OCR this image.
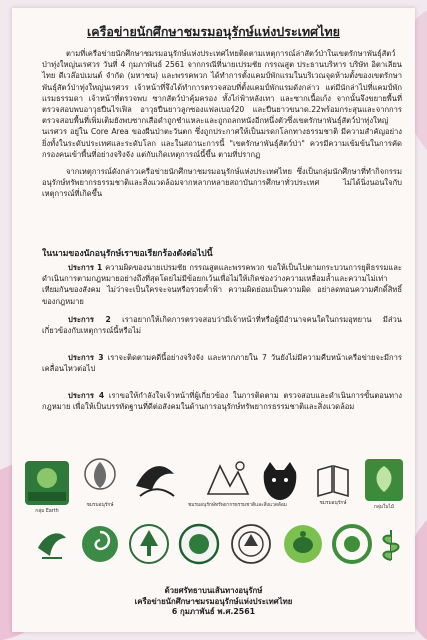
เครือข่ายนักศึกษาชมรมอนุรักษ์แห่งประเทศไทย

ตามที่เครือข่ายนักศึกษาชมรมอนุรักษ์แห่งประเทศไทยติดตามเหตุการณ์ล่าสัตว์ป่าในเขตรักษาพันธุ์สัตว์ป่าทุ่งใหญ่นเรศวร วันที่ 4 กุมภาพันธ์ 2561 จากกรณีที่นายเปรมชัย กรรณสูต ประธานบริหาร บริษัท อิตาเลียนไทย ดีเวล๊อปเมนต์ จำกัด (มหาชน) และพรรคพวก ได้ทำการตั้งแคมป์พักแรมในบริเวณจุดห้ามตั้งของเขตรักษาพันธุ์สัตว์ป่าทุ่งใหญ่นเรศวร เจ้าหน้าที่จึงได้ทำการตรวจสอบที่ตั้งแคมป์พักแรมดังกล่าว แต่มีนักล่าไปที่แคมป์พักแรมธรรมดา เจ้าหน้าที่ตรวจพบ ซากสัตว์ป่าคุ้มครอง ทั้งไก่ฟ้าหลังเทา และซากเนื้อเก้ง จากนั้นจึงขยายพื้นที่ตรวจสอบพบอาวุธปืนไรเฟิล อาวุธปืนยาวลูกซองแฟลเบอร์20 และปืนยาวขนาด.22พร้อมกระสุนและจากการตรวจสอบพื้นที่เพิ่มเติมยังพบซากเสือดำถูกชำแหละและถูกถลกหนังอีกหนึ่งตัวซึ่งเขตรักษาพันธุ์สัตว์ป่าทุ่งใหญ่นเรศวร อยู่ใน Core Area ของผืนป่าตะวันตก ซึ่งถูกประกาศให้เป็นมรดกโลกทางธรรมชาติ มีความสำคัญอย่างยิ่งทั้งในระดับประเทศและระดับโลก และในสถานะการนี้ "เขตรักษาพันธุ์สัตว์ป่า" ควรมีความเข้มข้นในการคัดกรองคนเข้าพื้นที่อย่างจริงจัง แต่กับเกิดเหตุการณ์นี้ขึ้น ตามที่ปรากฏ

จากเหตุการณ์ดังกล่าวเครือข่ายนักศึกษาชมรมอนุรักษ์แห่งประเทศไทย ซึ่งเป็นกลุ่มนักศึกษาที่ทำกิจกรรมอนุรักษ์ทรัพยากรธรรมชาติและสิ่งแวดล้อมจากหลากหลายสถาบันการศึกษาทั่วประเทศ ไม่ได้นิ่งนอนใจกับเหตุการณ์ที่เกิดขึ้น

ในนามของนักอนุรักษ์เราขอเรียกร้องดังต่อไปนี้
ประการ 1 ความผิดของนายเปรมชัย กรรณสูตและพรรคพวก ขอให้เป็นไปตามกระบวนการยุติธรรมและดำเนินการตามกฎหมายอย่างถึงที่สุดโดยไม่มีข้อยกเว้นเพื่อไม่ให้เกิดช่องว่างความเหลื่อมล้ำและความไม่เท่าเทียมกันของสังคม ไม่ว่าจะเป็นใครจะจนหรือรวยค้ำฟ้า ความผิดย่อมเป็นความผิด อย่าลดทอนความศักดิ์สิทธิ์ของกฎหมาย
ประการ 2 เราอยากให้เกิดการตรวจสอบว่ามีเจ้าหน้าที่หรือผู้มีอำนาจคนใดในกรมอุทยาน มีส่วนเกี่ยวข้องกับเหตุการณ์นี้หรือไม่
ประการ 3 เราจะติดตามคดีนี้อย่างจริงจัง และหากภายใน 7 วันยังไม่มีความคืบหน้าเครือข่ายจะมีการเคลื่อนไหวต่อไป
ประการ 4 เราขอให้กำลังใจเจ้าหน้าที่ผู้เกี่ยวข้อง ในการติดตาม ตรวจสอบและดำเนินการขั้นตอนทางกฎหมาย เพื่อให้เป็นบรรทัดฐานที่ดีต่อสังคมในด้านการอนุรักษ์ทรัพยากรธรรมชาติและสิ่งแวดล้อม
กลุ่ม Earth
ชมรมอนุรักษ์	ชมรมอนุรักษ์ทรัพยากรธรรมชาติและสิ่งแวดล้อม	ชมรมอนุรักษ์
กลุ่มใบไม้
ด้วยศรัทธาบนเส้นทางอนุรักษ์
เครือข่ายนักศึกษาชมรมอนุรักษ์แห่งประเทศไทย
6 กุมภาพันธ์ พ.ศ.2561
